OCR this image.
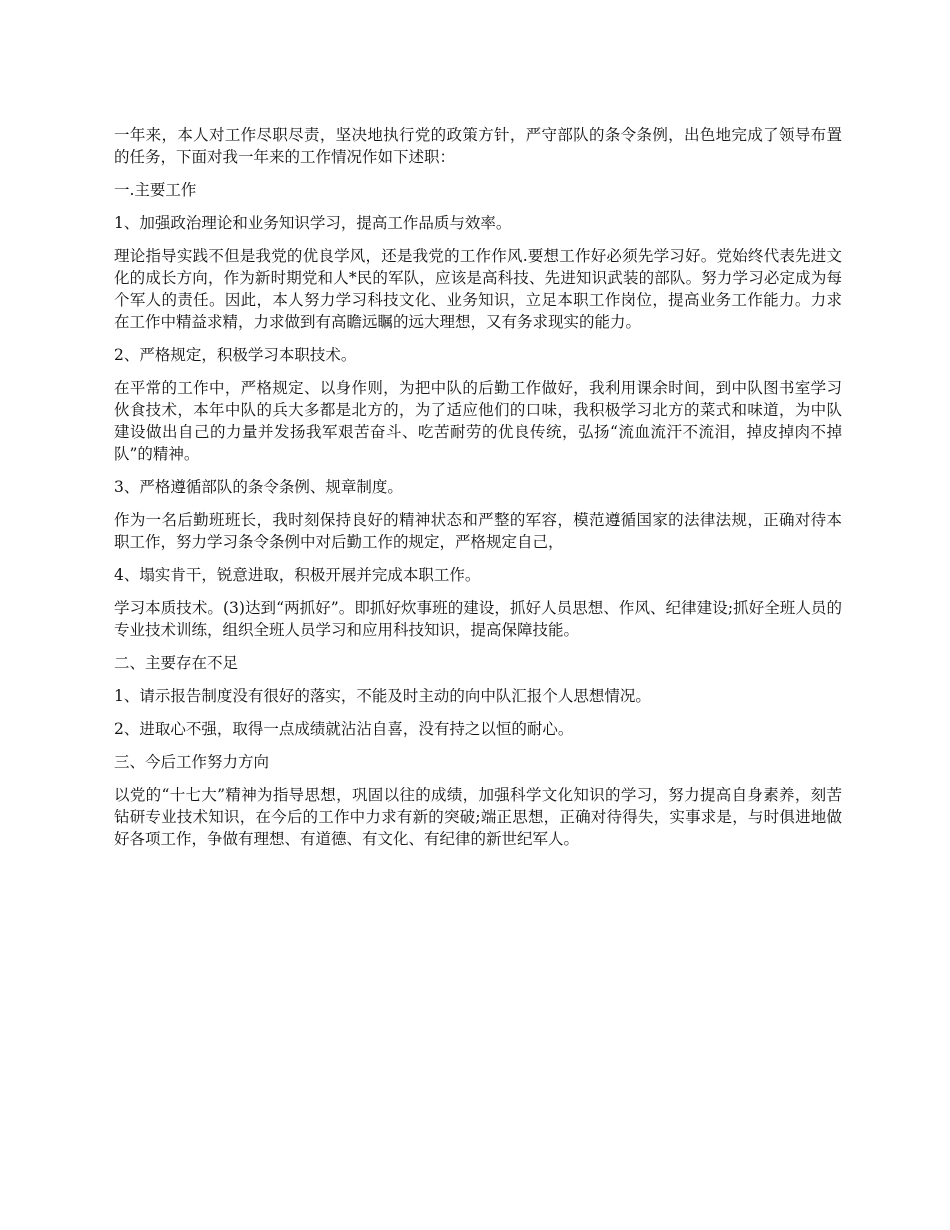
一年来，本人对工作尽职尽责，坚决地执行党的政策方针，严守部队的条令条例，出色地完成了领导布置的任务，下面对我一年来的工作情况作如下述职：

一.主要工作

1、加强政治理论和业务知识学习，提高工作品质与效率。

理论指导实践不但是我党的优良学风，还是我党的工作作风.要想工作好必须先学习好。党始终代表先进文化的成长方向，作为新时期党和人*民的军队，应该是高科技、先进知识武装的部队。努力学习必定成为每个军人的责任。因此，本人努力学习科技文化、业务知识，立足本职工作岗位，提高业务工作能力。力求在工作中精益求精，力求做到有高瞻远瞩的远大理想，又有务求现实的能力。

2、严格规定，积极学习本职技术。

在平常的工作中，严格规定、以身作则，为把中队的后勤工作做好，我利用课余时间，到中队图书室学习伙食技术，本年中队的兵大多都是北方的，为了适应他们的口味，我积极学习北方的菜式和味道，为中队建设做出自己的力量并发扬我军艰苦奋斗、吃苦耐劳的优良传统，弘扬“流血流汗不流泪，掉皮掉肉不掉队”的精神。

3、严格遵循部队的条令条例、规章制度。

作为一名后勤班班长，我时刻保持良好的精神状态和严整的军容，模范遵循国家的法律法规，正确对待本职工作，努力学习条令条例中对后勤工作的规定，严格规定自己，

4、塌实肯干，锐意进取，积极开展并完成本职工作。

学习本质技术。(3)达到“两抓好”。即抓好炊事班的建设，抓好人员思想、作风、纪律建设;抓好全班人员的专业技术训练，组织全班人员学习和应用科技知识，提高保障技能。

二、主要存在不足

1、请示报告制度没有很好的落实，不能及时主动的向中队汇报个人思想情况。

2、进取心不强，取得一点成绩就沾沾自喜，没有持之以恒的耐心。

三、今后工作努力方向

以党的“十七大”精神为指导思想，巩固以往的成绩，加强科学文化知识的学习，努力提高自身素养，刻苦钻研专业技术知识，在今后的工作中力求有新的突破;端正思想，正确对待得失，实事求是，与时俱进地做好各项工作，争做有理想、有道德、有文化、有纪律的新世纪军人。
